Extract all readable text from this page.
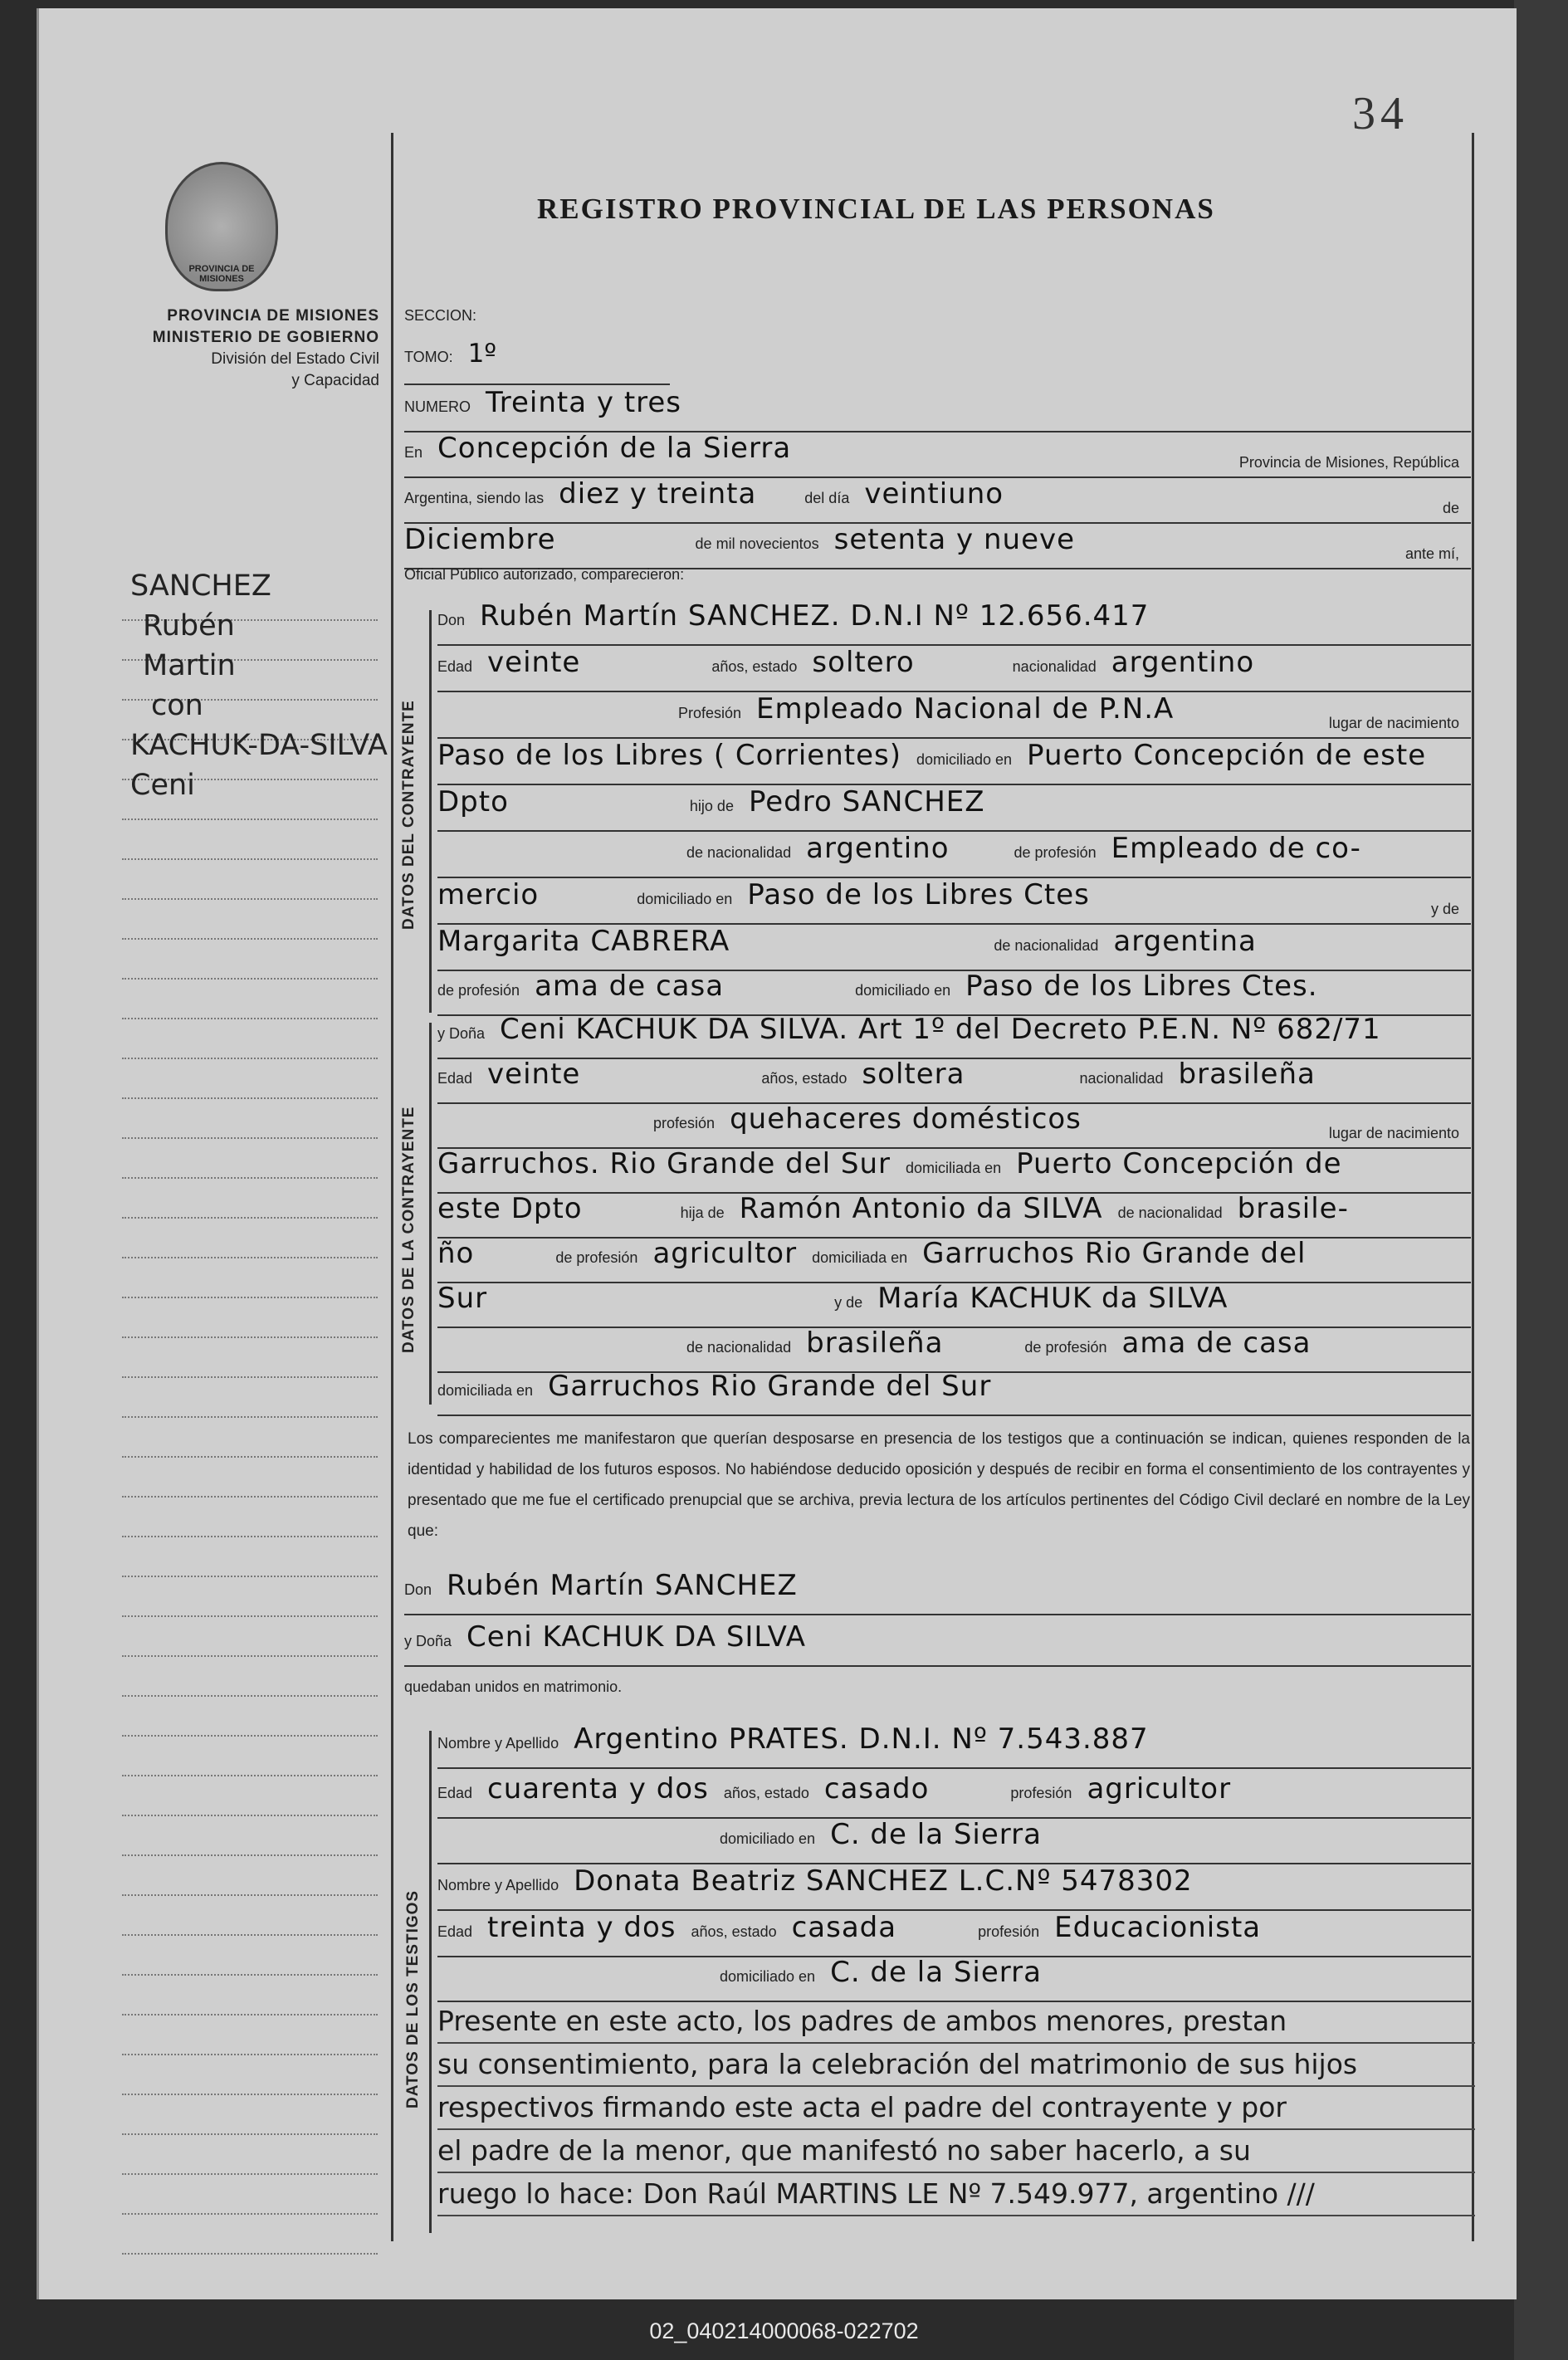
34
PROVINCIA DE MISIONES
PROVINCIA DE MISIONES
MINISTERIO DE GOBIERNO
División del Estado Civil
y Capacidad
REGISTRO PROVINCIAL DE LAS PERSONAS
SANCHEZ
Rubén
Martin
con
KACHUK-DA-SILVA
Ceni
SECCION:
TOMO: 1º
NUMERO Treinta y tres
En Concepción de la Sierra	Provincia de Misiones, República
Argentina, siendo las diez y treinta	del día veintiuno	de
Diciembre	de mil novecientos setenta y nueve	ante mí,
Oficial Público autorizado, comparecieron:
DATOS DEL CONTRAYENTE
Don Rubén Martín SANCHEZ. D.N.I Nº 12.656.417
Edad veinte	años, estado soltero	nacionalidad argentino
Profesión Empleado Nacional de P.N.A	lugar de nacimiento
Paso de los Libres ( Corrientes) domiciliado en Puerto Concepción de este
Dpto	hijo de Pedro SANCHEZ
de nacionalidad argentino	de profesión Empleado de co-
mercio	domiciliado en Paso de los Libres Ctes	y de
Margarita CABRERA	de nacionalidad argentina
de profesión ama de casa	domiciliado en Paso de los Libres Ctes.
DATOS DE LA CONTRAYENTE
y Doña Ceni KACHUK DA SILVA. Art 1º del Decreto P.E.N. Nº 682/71
Edad veinte	años, estado soltera	nacionalidad brasileña
profesión quehaceres domésticos	lugar de nacimiento
Garruchos. Rio Grande del Sur domiciliada en Puerto Concepción de
este Dpto	hija de Ramón Antonio da SILVA de nacionalidad brasile-
ño	de profesión agricultor domiciliada en Garruchos Rio Grande del
Sur	y de María KACHUK da SILVA
de nacionalidad brasileña	de profesión ama de casa
domiciliada en Garruchos Rio Grande del Sur
Los comparecientes me manifestaron que querían desposarse en presencia de los testigos que a continuación se indican, quienes responden de la identidad y habilidad de los futuros esposos. No habiéndose deducido oposición y después de recibir en forma el consentimiento de los contrayentes y presentado que me fue el certificado prenupcial que se archiva, previa lectura de los artículos pertinentes del Código Civil declaré en nombre de la Ley que:
Don Rubén Martín SANCHEZ
y Doña Ceni KACHUK DA SILVA
quedaban unidos en matrimonio.
DATOS DE LOS TESTIGOS
Nombre y Apellido Argentino PRATES. D.N.I. Nº 7.543.887
Edad cuarenta y dos años, estado casado	profesión agricultor
domiciliado en C. de la Sierra
Nombre y Apellido Donata Beatriz SANCHEZ L.C.Nº 5478302
Edad treinta y dos años, estado casada	profesión Educacionista
domiciliado en C. de la Sierra
Presente en este acto, los padres de ambos menores, prestan
su consentimiento, para la celebración del matrimonio de sus hijos
respectivos firmando este acta el padre del contrayente y por
el padre de la menor, que manifestó no saber hacerlo, a su
ruego lo hace: Don Raúl MARTINS LE Nº 7.549.977, argentino ///
02_040214000068-022702
